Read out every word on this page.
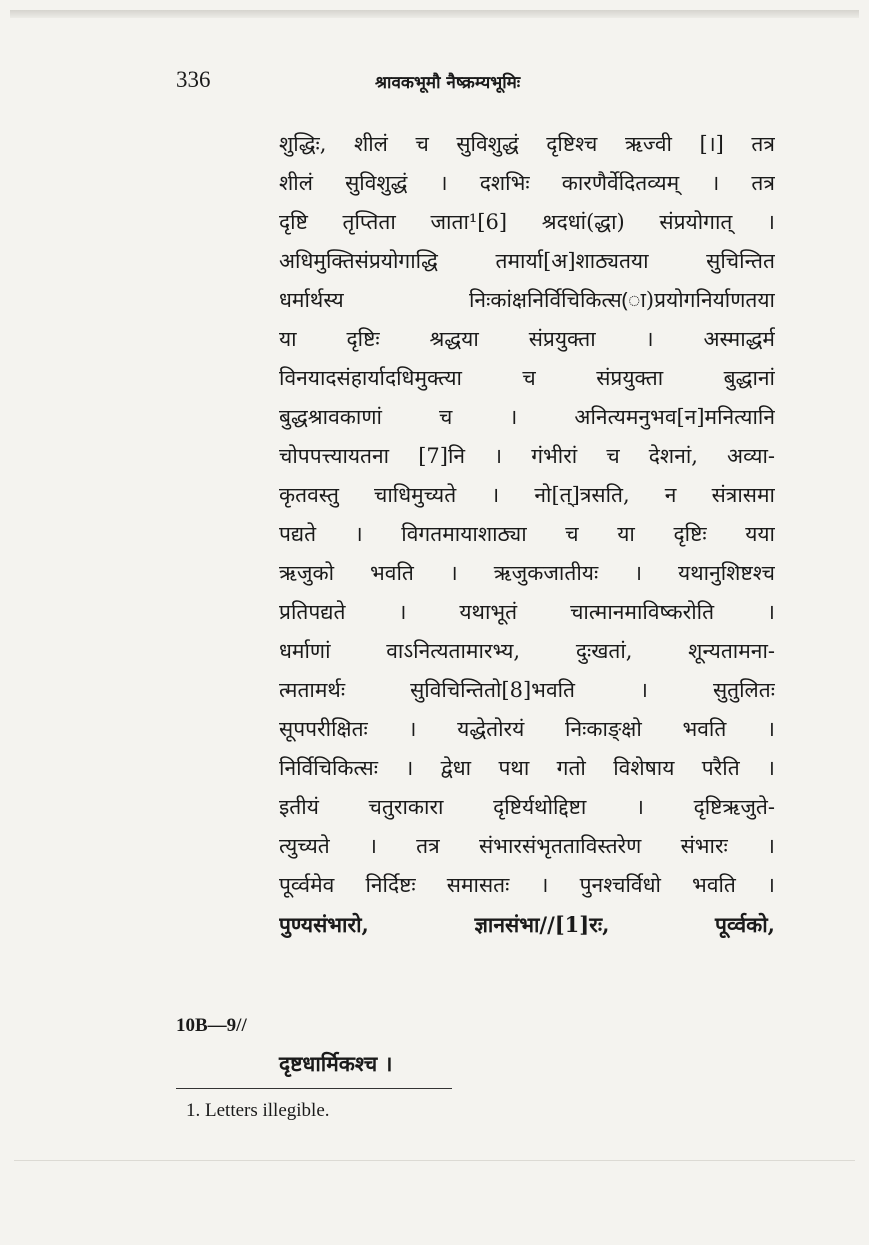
336	श्रावकभूमौ नैष्क्रम्यभूमिः
शुद्धिः, शीलं च सुविशुद्धं दृष्टिश्च ऋज्वी [।] तत्र
शीलं सुविशुद्धं । दशभिः कारणैर्वेदितव्यम् । तत्र
दृष्टि तृप्तिता जाता¹[6] श्रदधां(द्धा) संप्रयोगात् ।
अधिमुक्तिसंप्रयोगाद्धि तमार्या[अ]शाठ्यतया सुचिन्तित
धर्मार्थस्य निःकांक्षनिर्विचिकित्स(ा)प्रयोगनिर्याणतया
या दृष्टिः श्रद्धया संप्रयुक्ता । अस्माद्धर्म
विनयादसंहार्यादधिमुक्त्या च संप्रयुक्ता बुद्धानां
बुद्धश्रावकाणां च । अनित्यमनुभव[न]मनित्यानि
चोपपत्त्यायतना [7]नि । गंभीरां च देशनां, अव्या-
कृतवस्तु चाधिमुच्यते । नो[त्]त्रसति, न संत्रासमा
पद्यते । विगतमायाशाठ्या च या दृष्टिः यया
ऋजुको भवति । ऋजुकजातीयः । यथानुशिष्टश्च
प्रतिपद्यते । यथाभूतं चात्मानमाविष्करोति ।
धर्माणां वाऽनित्यतामारभ्य, दुःखतां, शून्यतामना-
त्मतामर्थः सुविचिन्तितो[8]भवति । सुतुलितः
सूपपरीक्षितः । यद्धेतोरयं निःकाङ्क्षो भवति ।
निर्विचिकित्सः । द्वेधा पथा गतो विशेषाय परैति ।
इतीयं चतुराकारा दृष्टिर्यथोद्दिष्टा । दृष्टिऋजुते-
त्युच्यते । तत्र संभारसंभृतताविस्तरेण संभारः ।
पूर्व्वमेव निर्दिष्टः समासतः । पुनश्चर्विधो भवति ।
पुण्यसंभारो, ज्ञानसंभा//[1]रः, पूर्व्वको,
10B—9//
दृष्टधार्मिकश्च ।
1. Letters illegible.
